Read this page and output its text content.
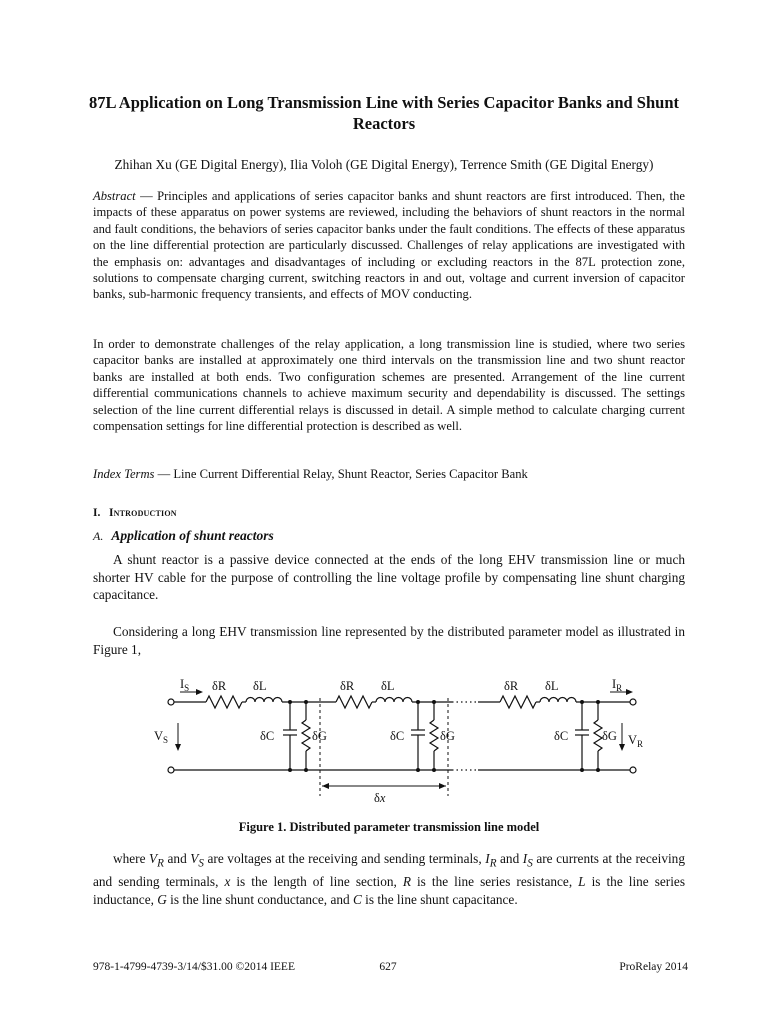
87L Application on Long Transmission Line with Series Capacitor Banks and Shunt Reactors
Zhihan Xu (GE Digital Energy), Ilia Voloh (GE Digital Energy), Terrence Smith (GE Digital Energy)
Abstract — Principles and applications of series capacitor banks and shunt reactors are first introduced. Then, the impacts of these apparatus on power systems are reviewed, including the behaviors of shunt reactors in the normal and fault conditions, the behaviors of series capacitor banks under the fault conditions. The effects of these apparatus on the line differential protection are particularly discussed. Challenges of relay applications are investigated with the emphasis on: advantages and disadvantages of including or excluding reactors in the 87L protection zone, solutions to compensate charging current, switching reactors in and out, voltage and current inversion of capacitor banks, sub-harmonic frequency transients, and effects of MOV conducting.
In order to demonstrate challenges of the relay application, a long transmission line is studied, where two series capacitor banks are installed at approximately one third intervals on the transmission line and two shunt reactor banks are installed at both ends. Two configuration schemes are presented. Arrangement of the line current differential communications channels to achieve maximum security and dependability is discussed. The settings selection of the line current differential relays is discussed in detail. A simple method to calculate charging current compensation settings for line differential protection is described as well.
Index Terms — Line Current Differential Relay, Shunt Reactor, Series Capacitor Bank
I. Introduction
A. Application of shunt reactors
A shunt reactor is a passive device connected at the ends of the long EHV transmission line or much shorter HV cable for the purpose of controlling the line voltage profile by compensating line shunt charging capacitance.
Considering a long EHV transmission line represented by the distributed parameter model as illustrated in Figure 1,
$I_S$	$I_R$
$V_S$	$V_R$
δR δL	δR δL	δR δL
δC	δG	δC	δG	δC	δG
δx
Figure 1. Distributed parameter transmission line model
where $V_R$ and $V_S$ are voltages at the receiving and sending terminals, $I_R$ and $I_S$ are currents at the receiving and sending terminals, x is the length of line section, R is the line series resistance, L is the line series inductance, G is the line shunt conductance, and C is the line shunt capacitance.
978-1-4799-4739-3/14/$31.00 ©2014 IEEE	627	ProRelay 2014
